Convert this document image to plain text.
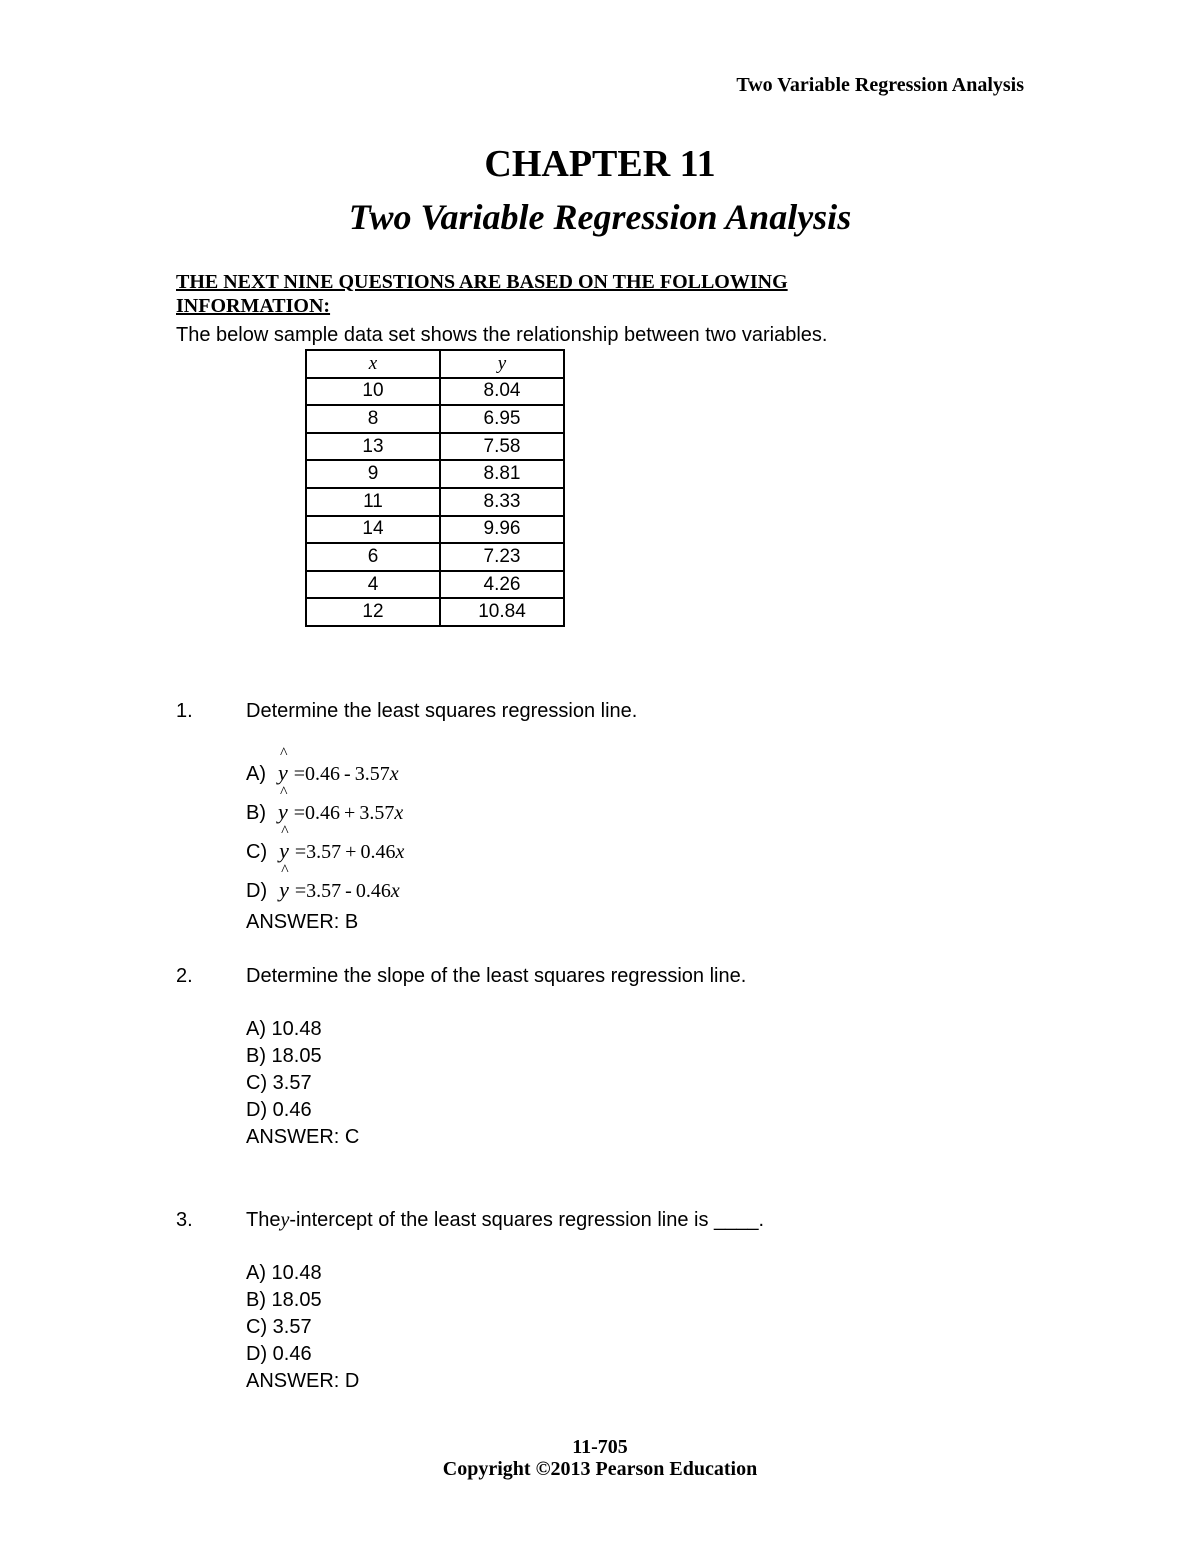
Two Variable Regression Analysis
CHAPTER 11
Two Variable Regression Analysis
THE NEXT NINE QUESTIONS ARE BASED ON THE FOLLOWING INFORMATION:
The below sample data set shows the relationship between two variables.
x	y
10	8.04
8	6.95
13	7.58
9	8.81
11	8.33
14	9.96
6	7.23
4	4.26
12	10.84
1.	Determine the least squares regression line.
A)
^
y =0.46 - 3.57x
B)
^
y =0.46 + 3.57x
C)
^
y =3.57 + 0.46x
D)
^
y =3.57 - 0.46x
ANSWER: B
2.	Determine the slope of the least squares regression line.
A) 10.48
B) 18.05
C) 3.57
D) 0.46
ANSWER: C
3.	They-intercept of the least squares regression line is ____.
A) 10.48
B) 18.05
C) 3.57
D) 0.46
ANSWER: D
11-705
Copyright ©2013 Pearson Education
